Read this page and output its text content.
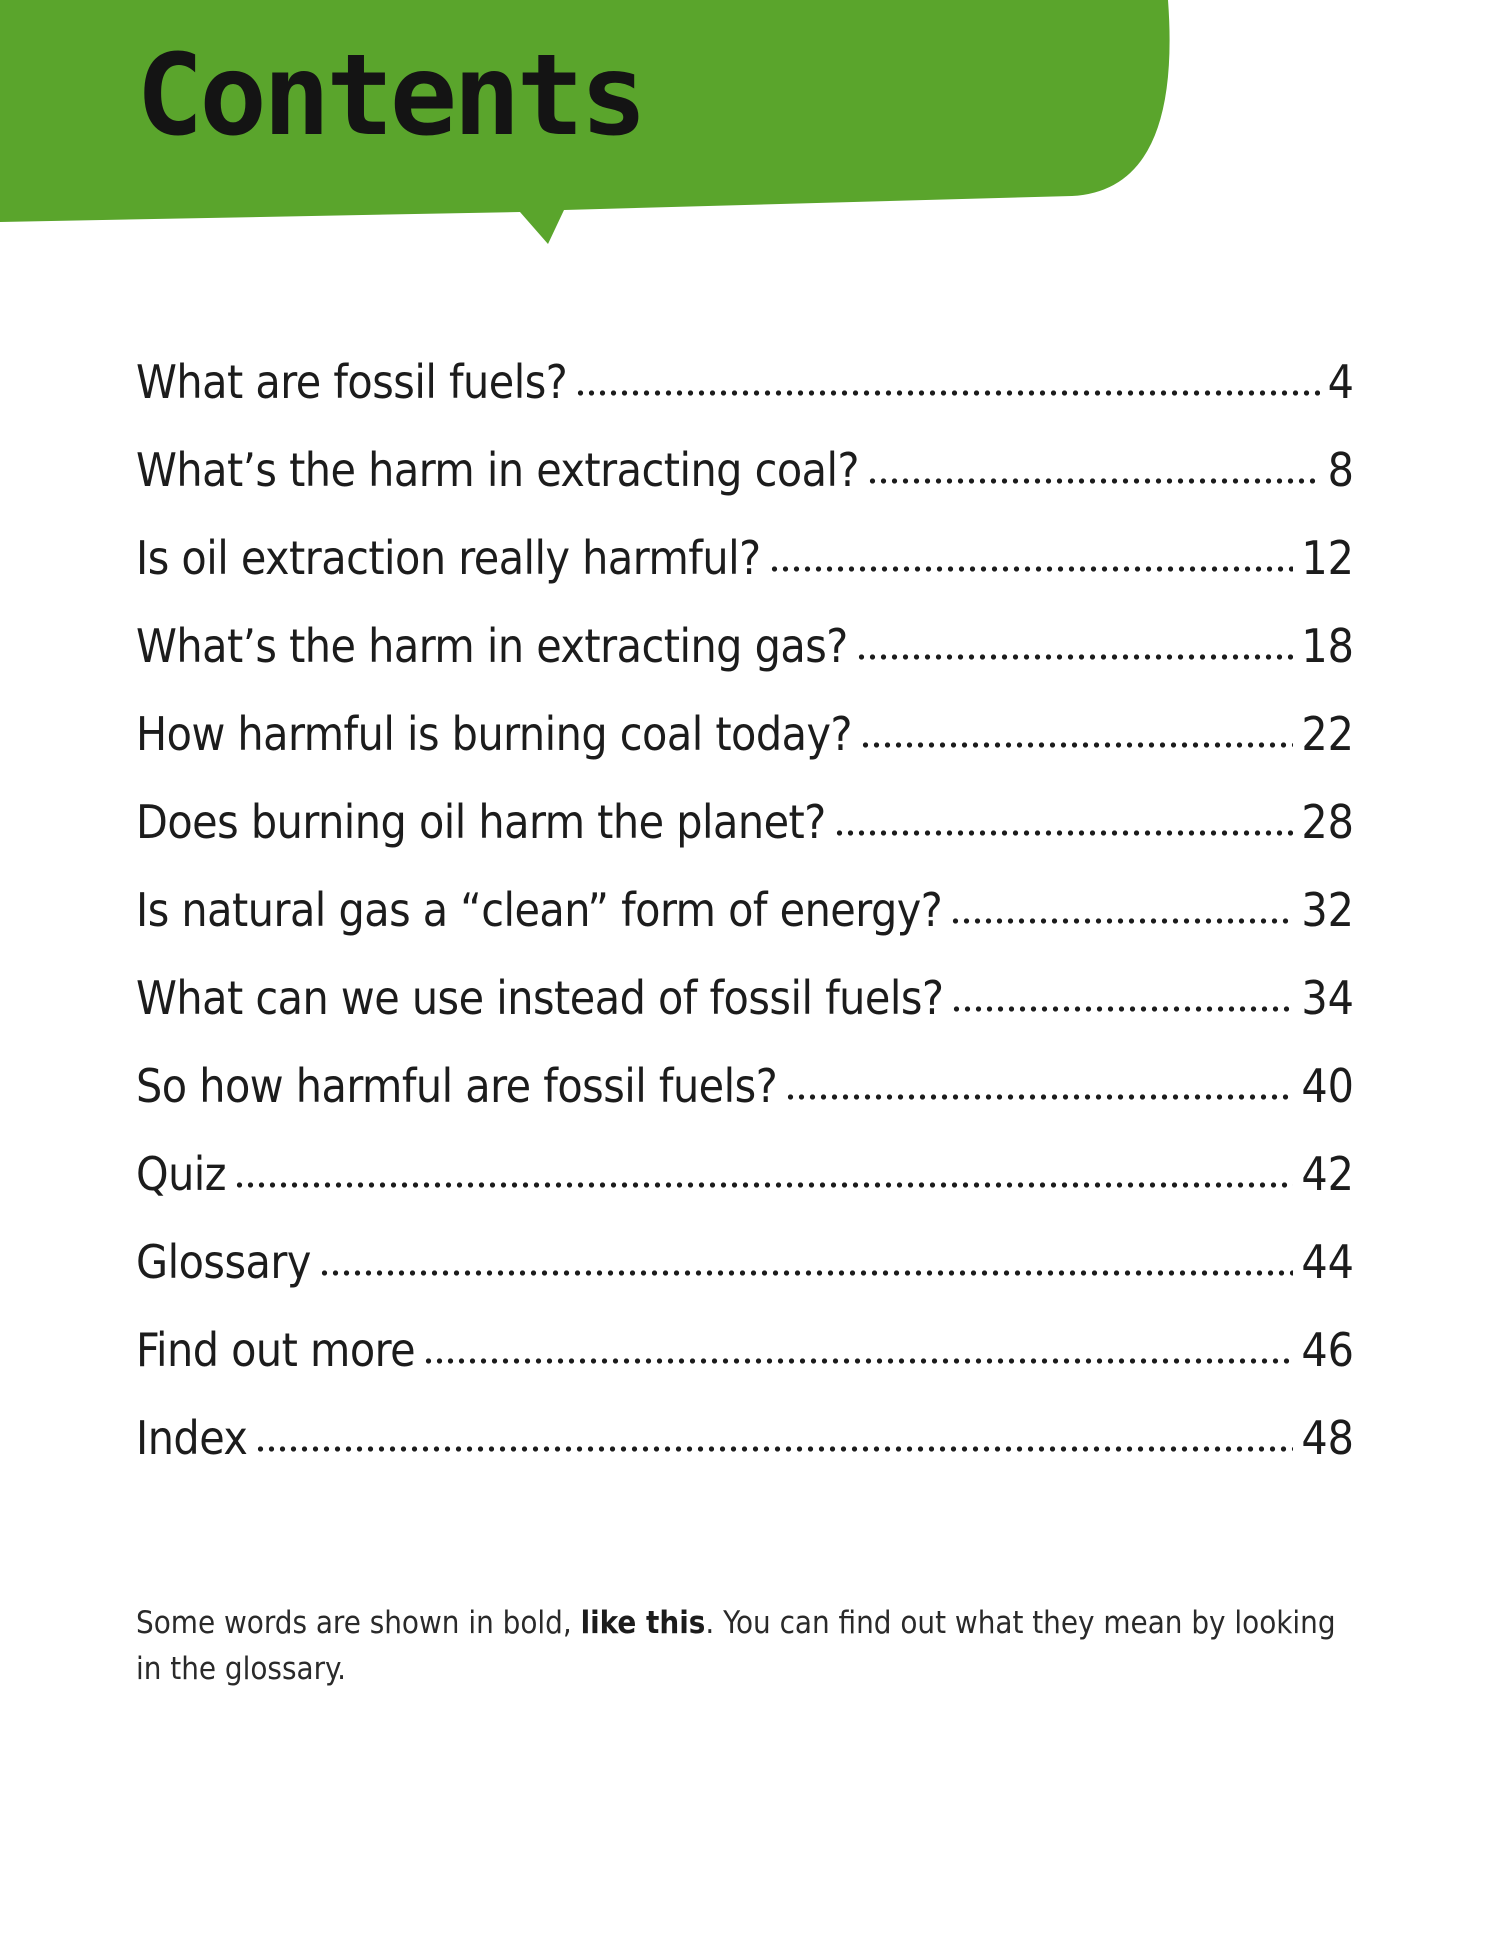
Contents
What are fossil fuels?	4
What’s the harm in extracting coal?	8
Is oil extraction really harmful?	12
What’s the harm in extracting gas?	18
How harmful is burning coal today?	22
Does burning oil harm the planet?	28
Is natural gas a “clean” form of energy?	32
What can we use instead of fossil fuels?	34
So how harmful are fossil fuels?	40
Quiz	42
Glossary	44
Find out more	46
Index	48

Some words are shown in bold, like this. You can find out what they mean by looking in the glossary.
